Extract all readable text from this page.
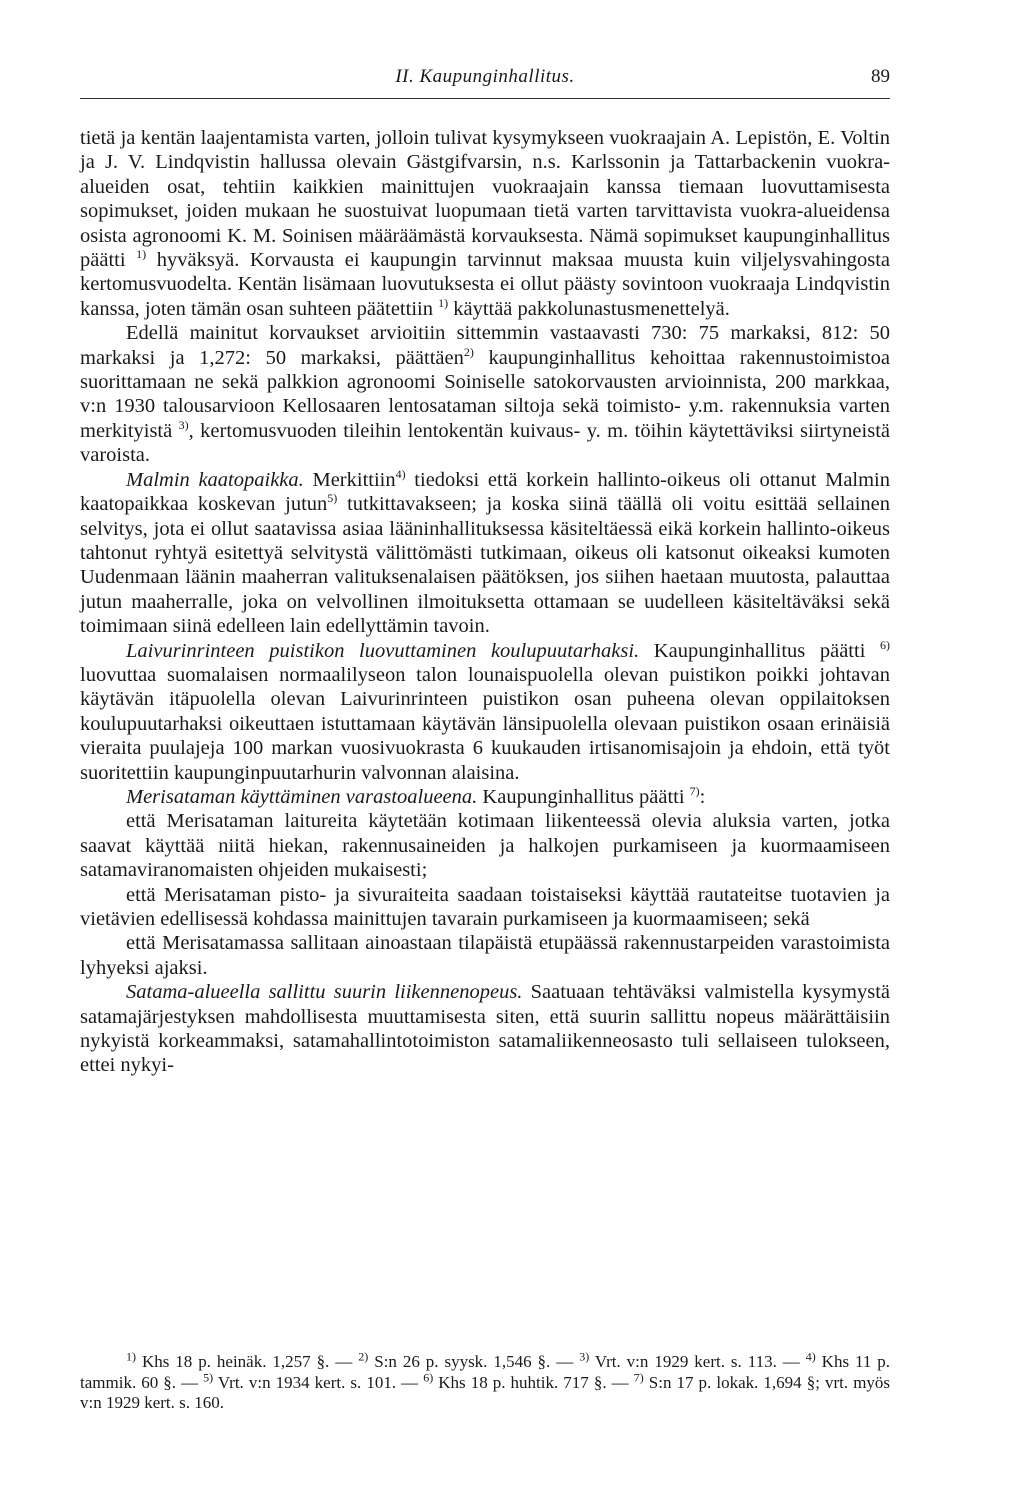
II. Kaupunginhallitus.	89

tietä ja kentän laajentamista varten, jolloin tulivat kysymykseen vuokraajain A. Lepistön, E. Voltin ja J. V. Lindqvistin hallussa olevain Gästgifvarsin, n.s. Karlssonin ja Tattarbackenin vuokra-alueiden osat, tehtiin kaikkien mainittujen vuokraajain kanssa tiemaan luovuttamisesta sopimukset, joiden mukaan he suostuivat luopumaan tietä varten tarvittavista vuokra-alueidensa osista agronoomi K. M. Soinisen määräämästä korvauksesta. Nämä sopimukset kaupunginhallitus päätti $^{1)}$ hyväksyä. Korvausta ei kaupungin tarvinnut maksaa muusta kuin viljelysvahingosta kertomusvuodelta. Kentän lisämaan luovutuksesta ei ollut päästy sovintoon vuokraaja Lindqvistin kanssa, joten tämän osan suhteen päätettiin $^{1)}$ käyttää pakkolunastusmenettelyä.

Edellä mainitut korvaukset arvioitiin sittemmin vastaavasti 730: 75 markaksi, 812: 50 markaksi ja 1,272: 50 markaksi, päättäen$^{2)}$ kaupunginhallitus kehoittaa rakennustoimistoa suorittamaan ne sekä palkkion agronoomi Soiniselle satokorvausten arvioinnista, 200 markkaa, v:n 1930 talousarvioon Kellosaaren lentosataman siltoja sekä toimisto- y.m. rakennuksia varten merkityistä $^{3)}$, kertomusvuoden tileihin lentokentän kuivaus- y. m. töihin käytettäviksi siirtyneistä varoista.

Malmin kaatopaikka. Merkittiin$^{4)}$ tiedoksi että korkein hallinto-oikeus oli ottanut Malmin kaatopaikkaa koskevan jutun$^{5)}$ tutkittavakseen; ja koska siinä täällä oli voitu esittää sellainen selvitys, jota ei ollut saatavissa asiaa lääninhallituksessa käsiteltäessä eikä korkein hallinto-oikeus tahtonut ryhtyä esitettyä selvitystä välittömästi tutkimaan, oikeus oli katsonut oikeaksi kumoten Uudenmaan läänin maaherran valituksenalaisen päätöksen, jos siihen haetaan muutosta, palauttaa jutun maaherralle, joka on velvollinen ilmoituksetta ottamaan se uudelleen käsiteltäväksi sekä toimimaan siinä edelleen lain edellyttämin tavoin.

Laivurinrinteen puistikon luovuttaminen koulupuutarhaksi. Kaupunginhallitus päätti $^{6)}$ luovuttaa suomalaisen normaalilyseon talon lounaispuolella olevan puistikon poikki johtavan käytävän itäpuolella olevan Laivurinrinteen puistikon osan puheena olevan oppilaitoksen koulupuutarhaksi oikeuttaen istuttamaan käytävän länsipuolella olevaan puistikon osaan erinäisiä vieraita puulajeja 100 markan vuosivuokrasta 6 kuukauden irtisanomisajoin ja ehdoin, että työt suoritettiin kaupunginpuutarhurin valvonnan alaisina.

Merisataman käyttäminen varastoalueena. Kaupunginhallitus päätti $^{7)}$:

että Merisataman laitureita käytetään kotimaan liikenteessä olevia aluksia varten, jotka saavat käyttää niitä hiekan, rakennusaineiden ja halkojen purkamiseen ja kuormaamiseen satamaviranomaisten ohjeiden mukaisesti;

että Merisataman pisto- ja sivuraiteita saadaan toistaiseksi käyttää rautateitse tuotavien ja vietävien edellisessä kohdassa mainittujen tavarain purkamiseen ja kuormaamiseen; sekä

että Merisatamassa sallitaan ainoastaan tilapäistä etupäässä rakennustarpeiden varastoimista lyhyeksi ajaksi.

Satama-alueella sallittu suurin liikennenopeus. Saatuaan tehtäväksi valmistella kysymystä satamajärjestyksen mahdollisesta muuttamisesta siten, että suurin sallittu nopeus määrättäisiin nykyistä korkeammaksi, satamahallintotoimiston satamaliikenneosasto tuli sellaiseen tulokseen, ettei nykyi-

$^{1)}$ Khs 18 p. heinäk. 1,257 §. — $^{2)}$ S:n 26 p. syysk. 1,546 §. — $^{3)}$ Vrt. v:n 1929 kert. s. 113. — $^{4)}$ Khs 11 p. tammik. 60 §. — $^{5)}$ Vrt. v:n 1934 kert. s. 101. — $^{6)}$ Khs 18 p. huhtik. 717 §. — $^{7)}$ S:n 17 p. lokak. 1,694 §; vrt. myös v:n 1929 kert. s. 160.
